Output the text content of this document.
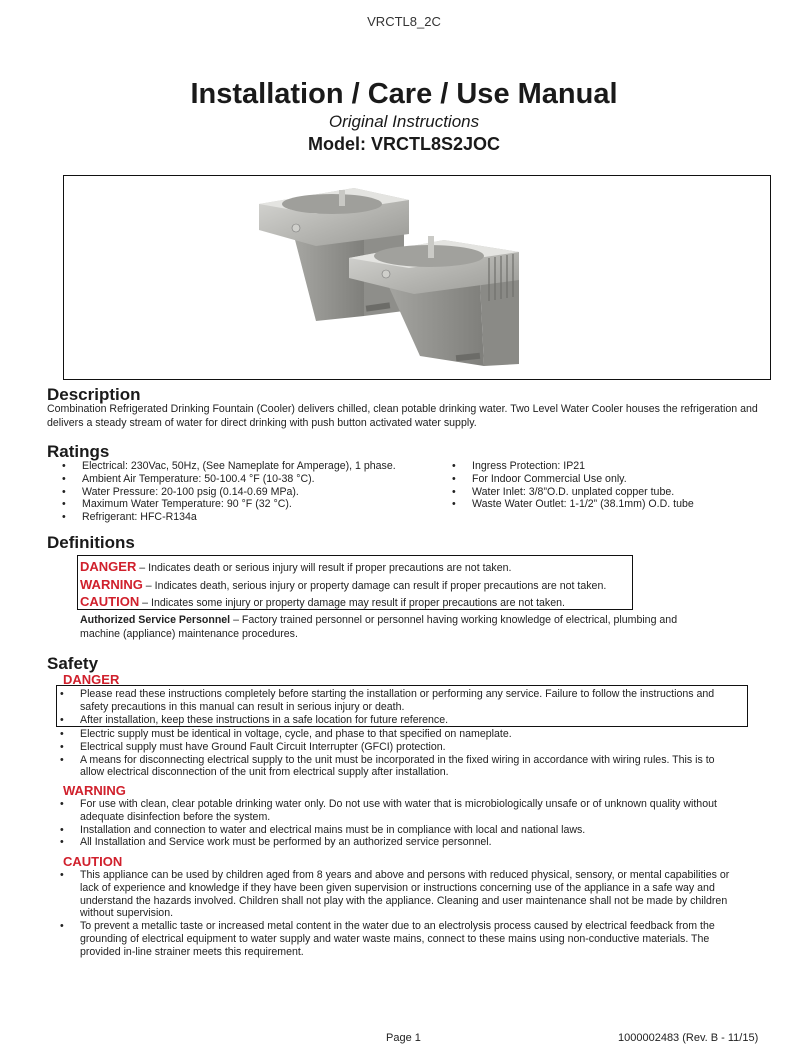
VRCTL8_2C
Installation / Care / Use Manual
Original Instructions
Model: VRCTL8S2JOC
Description
Combination Refrigerated Drinking Fountain (Cooler) delivers chilled, clean potable drinking water. Two Level Water Cooler houses the refrigeration and delivers a steady stream of water for direct drinking with push button activated water supply.
Ratings
• Electrical: 230Vac, 50Hz, (See Nameplate for Amperage), 1 phase.
• Ambient Air Temperature: 50-100.4 °F (10-38 °C).
• Water Pressure: 20-100 psig (0.14-0.69 MPa).
• Maximum Water Temperature: 90 °F (32 °C).
• Refrigerant: HFC-R134a
• Ingress Protection: IP21
• For Indoor Commercial Use only.
• Water Inlet: 3/8”O.D. unplated copper tube.
• Waste Water Outlet: 1-1/2” (38.1mm) O.D. tube
Definitions
DANGER – Indicates death or serious injury will result if proper precautions are not taken.
WARNING – Indicates death, serious injury or property damage can result if proper precautions are not taken.
CAUTION – Indicates some injury or property damage may result if proper precautions are not taken.
Authorized Service Personnel – Factory trained personnel or personnel having working knowledge of electrical, plumbing and machine (appliance) maintenance procedures.
Safety
DANGER
• Please read these instructions completely before starting the installation or performing any service. Failure to follow the instructions and safety precautions in this manual can result in serious injury or death.
• After installation, keep these instructions in a safe location for future reference.
• Electric supply must be identical in voltage, cycle, and phase to that specified on nameplate.
• Electrical supply must have Ground Fault Circuit Interrupter (GFCI) protection.
• A means for disconnecting electrical supply to the unit must be incorporated in the fixed wiring in accordance with wiring rules. This is to allow electrical disconnection of the unit from electrical supply after installation.
WARNING
• For use with clean, clear potable drinking water only. Do not use with water that is microbiologically unsafe or of unknown quality without adequate disinfection before the system.
• Installation and connection to water and electrical mains must be in compliance with local and national laws.
• All Installation and Service work must be performed by an authorized service personnel.
CAUTION
• This appliance can be used by children aged from 8 years and above and persons with reduced physical, sensory, or mental capabilities or lack of experience and knowledge if they have been given supervision or instructions concerning use of the appliance in a safe way and understand the hazards involved. Children shall not play with the appliance. Cleaning and user maintenance shall not be made by children without supervision.
• To prevent a metallic taste or increased metal content in the water due to an electrolysis process caused by electrical feedback from the grounding of electrical equipment to water supply and water waste mains, connect to these mains using non-conductive materials. The provided in-line strainer meets this requirement.
Page 1	1000002483 (Rev. B - 11/15)
